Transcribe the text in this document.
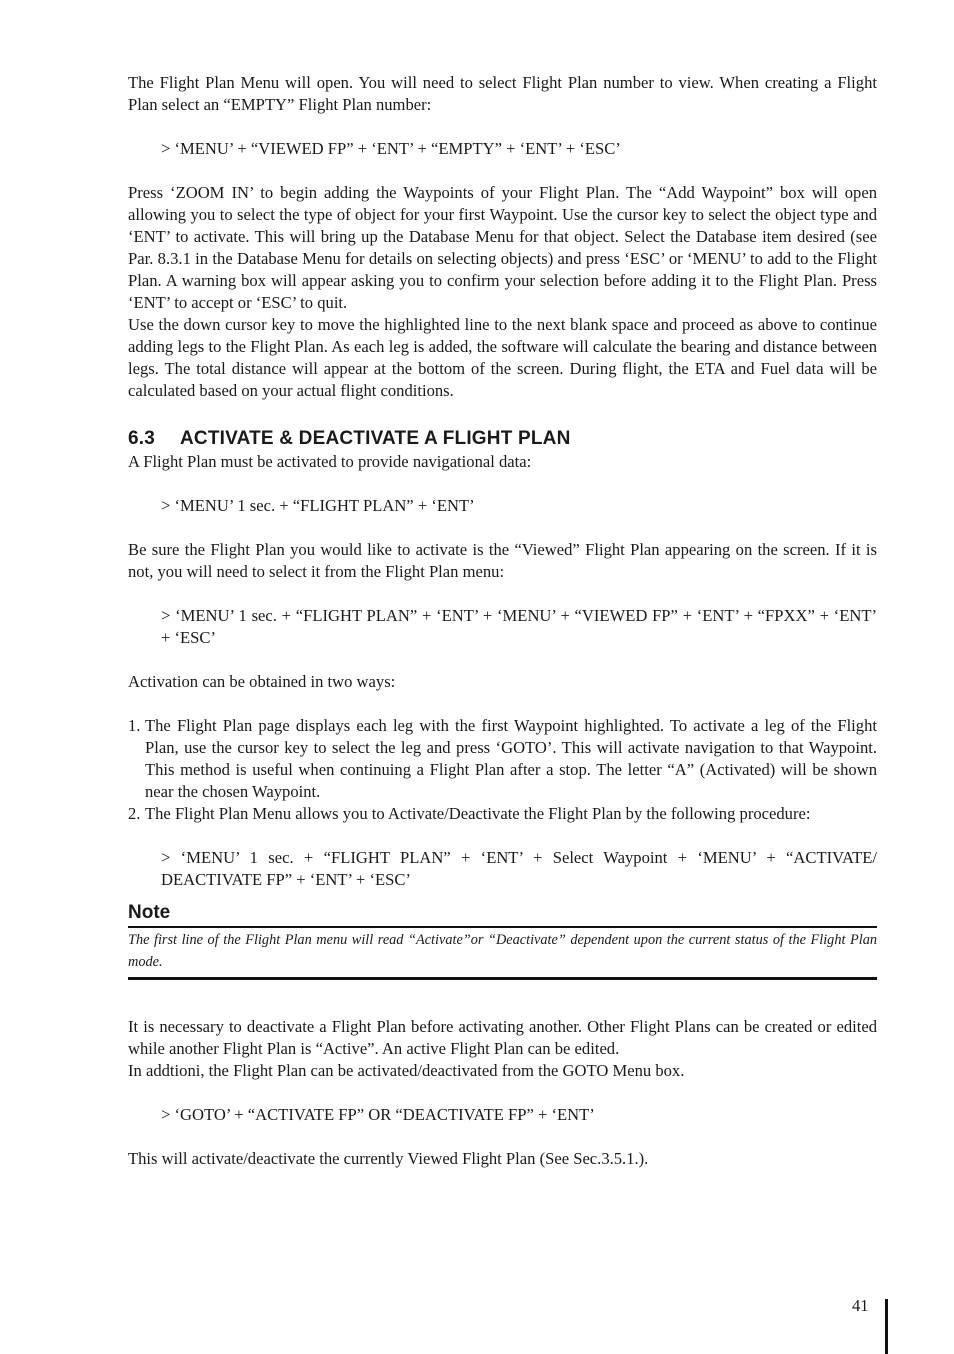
The Flight Plan Menu will open. You will need to select Flight Plan number to view. When creating a Flight Plan select an “EMPTY” Flight Plan number:

> ‘MENU’ + “VIEWED FP” + ‘ENT’ + “EMPTY” + ‘ENT’ + ‘ESC’

Press ‘ZOOM IN’ to begin adding the Waypoints of your Flight Plan. The “Add Waypoint” box will open allowing you to select the type of object for your first Waypoint. Use the cursor key to select the object type and ‘ENT’ to activate. This will bring up the Database Menu for that object. Select the Database item desired (see Par. 8.3.1 in the Database Menu for details on selecting objects) and press ‘ESC’ or ‘MENU’ to add to the Flight Plan. A warning box will appear asking you to confirm your selection before adding it to the Flight Plan. Press ‘ENT’ to accept or ‘ESC’ to quit.

Use the down cursor key to move the highlighted line to the next blank space and proceed as above to continue adding legs to the Flight Plan. As each leg is added, the software will calculate the bearing and distance between legs. The total distance will appear at the bottom of the screen. During flight, the ETA and Fuel data will be calculated based on your actual flight conditions.

6.3 ACTIVATE & DEACTIVATE A FLIGHT PLAN

A Flight Plan must be activated to provide navigational data:

> ‘MENU’ 1 sec. + “FLIGHT PLAN” + ‘ENT’

Be sure the Flight Plan you would like to activate is the “Viewed” Flight Plan appearing on the screen. If it is not, you will need to select it from the Flight Plan menu:

> ‘MENU’ 1 sec. + “FLIGHT PLAN” + ‘ENT’ + ‘MENU’ + “VIEWED FP” + ‘ENT’ + “FPXX” + ‘ENT’ + ‘ESC’

Activation can be obtained in two ways:

1. The Flight Plan page displays each leg with the first Waypoint highlighted. To activate a leg of the Flight Plan, use the cursor key to select the leg and press ‘GOTO’. This will activate navigation to that Waypoint. This method is useful when continuing a Flight Plan after a stop. The letter “A” (Activated) will be shown near the chosen Waypoint.
2. The Flight Plan Menu allows you to Activate/Deactivate the Flight Plan by the following procedure:

> ‘MENU’ 1 sec. + “FLIGHT PLAN” + ‘ENT’ + Select Waypoint + ‘MENU’ + “ACTIVATE/ DEACTIVATE FP” + ‘ENT’ + ‘ESC’

Note
The first line of the Flight Plan menu will read “Activate”or “Deactivate” dependent upon the current status of the Flight Plan mode.

It is necessary to deactivate a Flight Plan before activating another. Other Flight Plans can be created or edited while another Flight Plan is “Active”. An active Flight Plan can be edited.

In addtioni, the Flight Plan can be activated/deactivated from the GOTO Menu box.

> ‘GOTO’ + “ACTIVATE FP” OR “DEACTIVATE FP” + ‘ENT’

This will activate/deactivate the currently Viewed Flight Plan (See Sec.3.5.1.).

41
